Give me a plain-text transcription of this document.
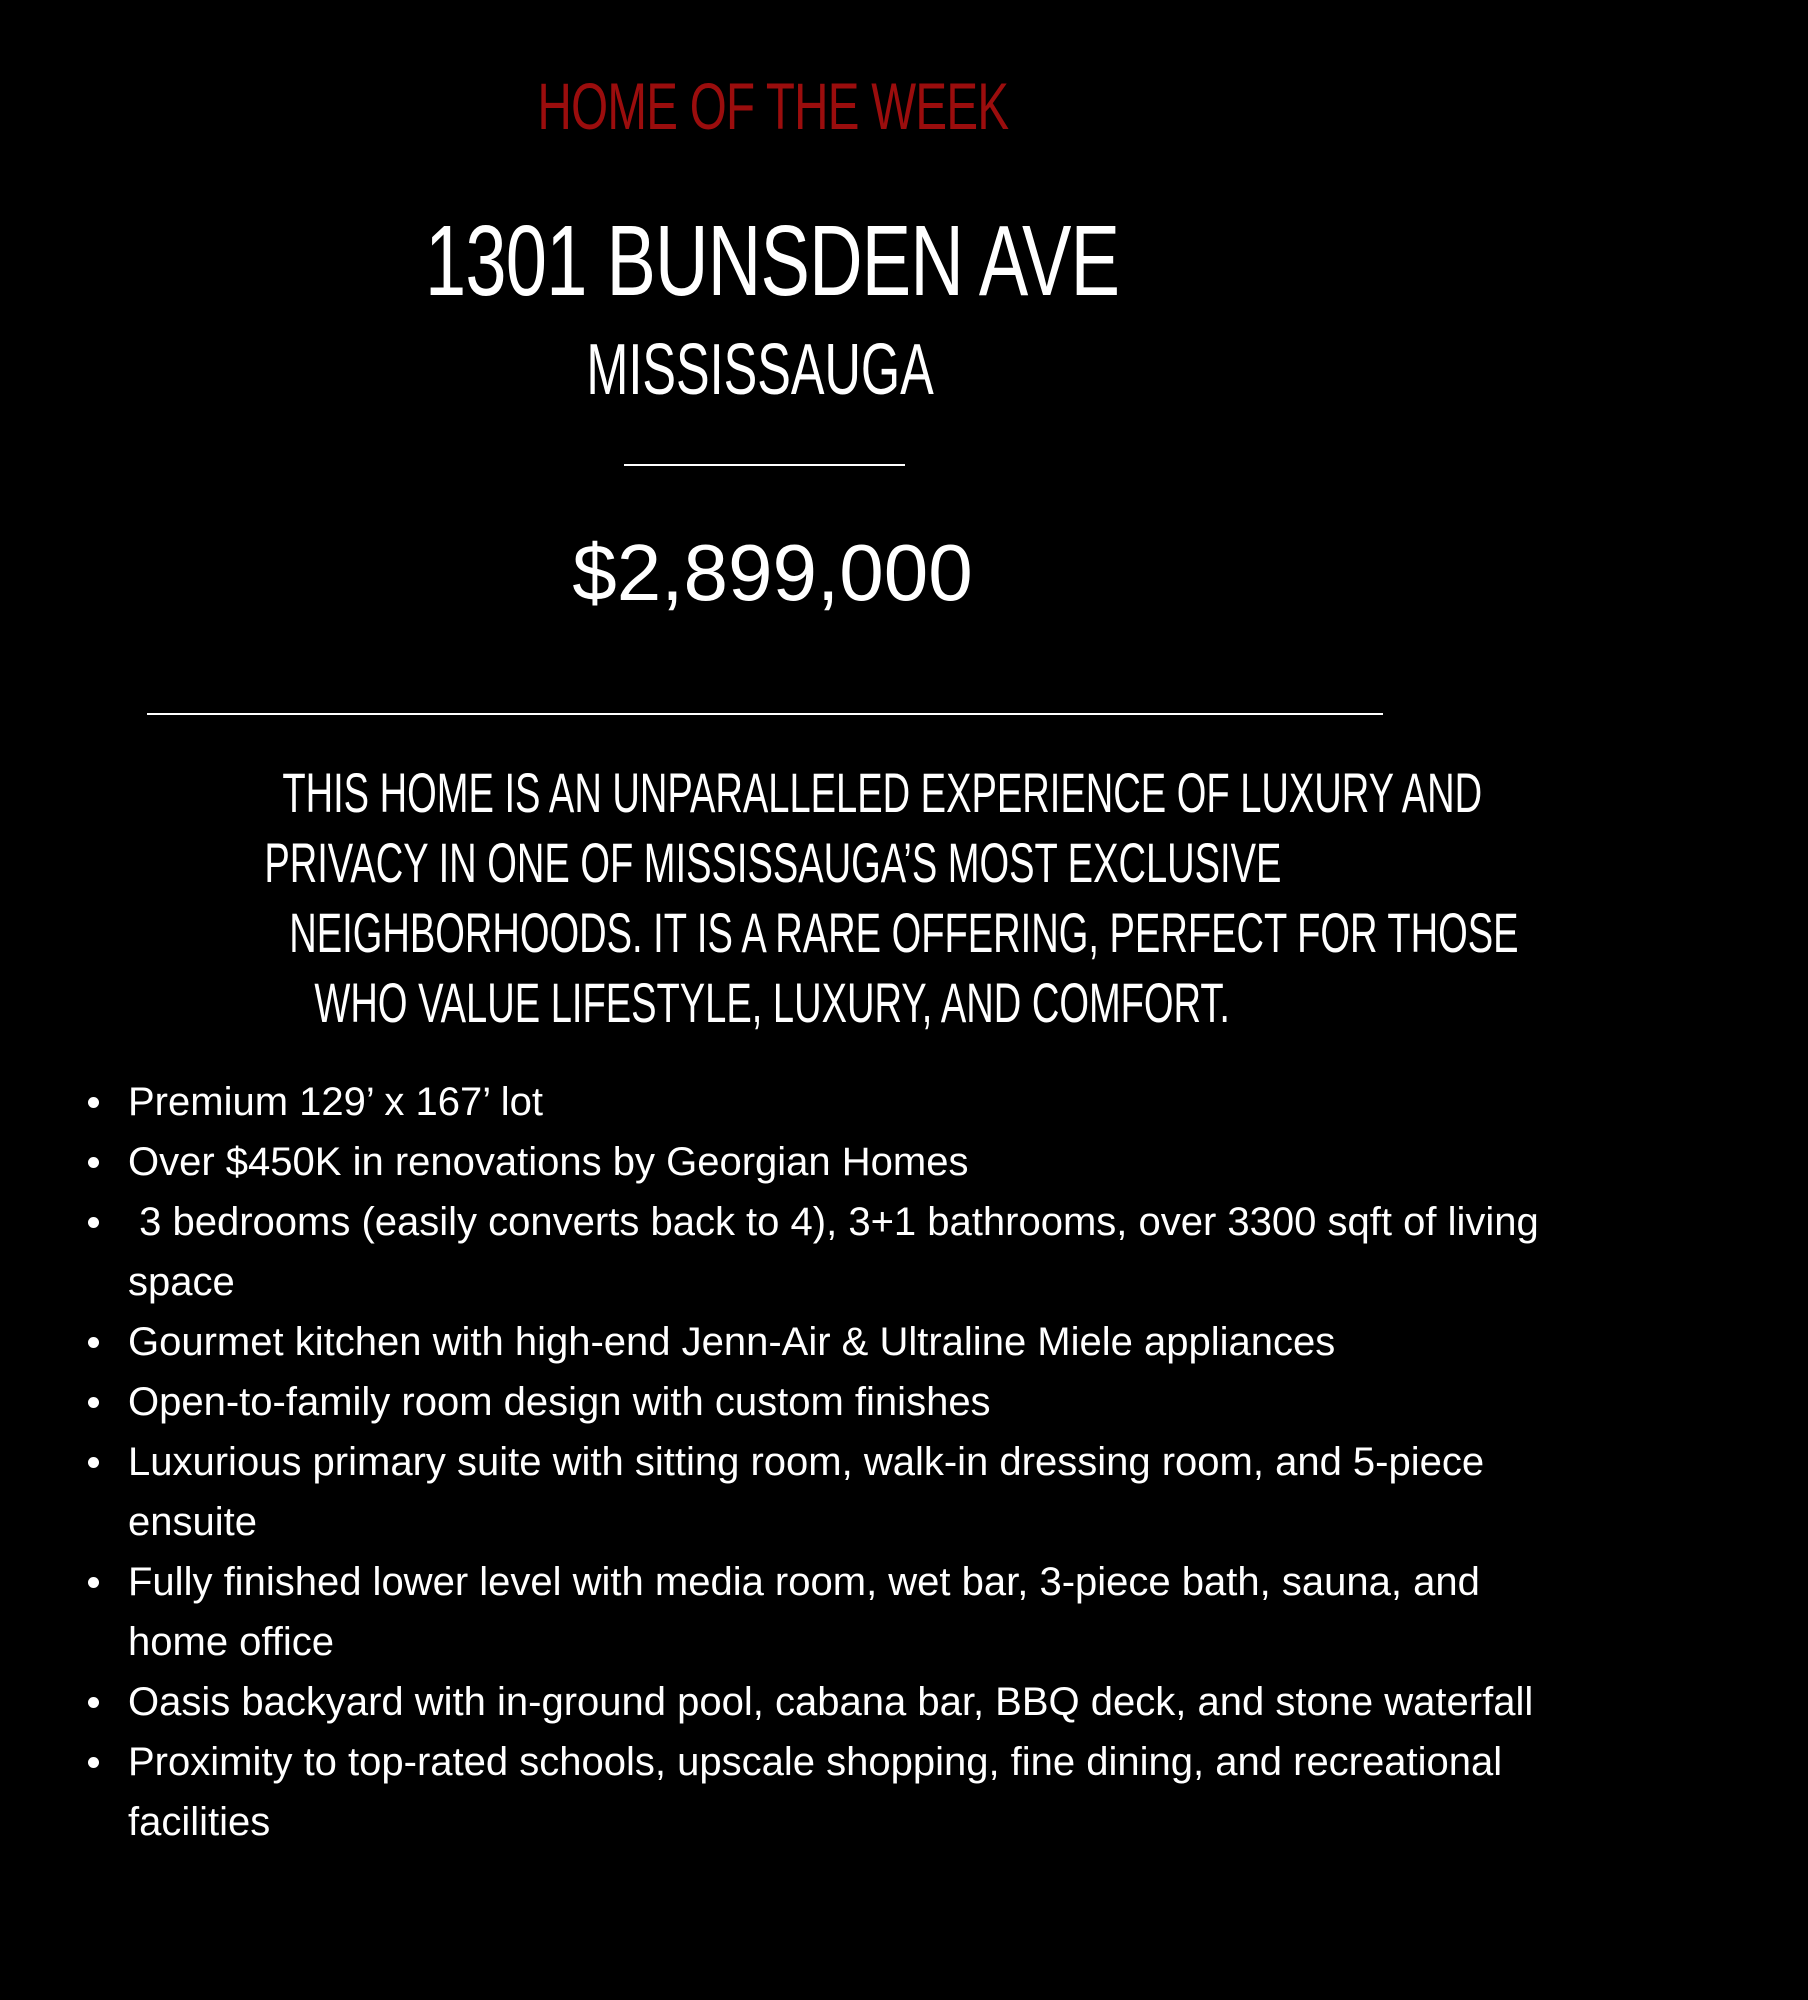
HOME OF THE WEEK
1301 BUNSDEN AVE
MISSISSAUGA
$2,899,000
THIS HOME IS AN UNPARALLELED EXPERIENCE OF LUXURY AND
PRIVACY IN ONE OF MISSISSAUGA’S MOST EXCLUSIVE
NEIGHBORHOODS. IT IS A RARE OFFERING, PERFECT FOR THOSE
WHO VALUE LIFESTYLE, LUXURY, AND COMFORT.
Premium 129’ x 167’ lot
Over $450K in renovations by Georgian Homes
3 bedrooms (easily converts back to 4), 3+1 bathrooms, over 3300 sqft of living space
Gourmet kitchen with high-end Jenn-Air & Ultraline Miele appliances
Open-to-family room design with custom finishes
Luxurious primary suite with sitting room, walk-in dressing room, and 5-piece ensuite
Fully finished lower level with media room, wet bar, 3-piece bath, sauna, and home office
Oasis backyard with in-ground pool, cabana bar, BBQ deck, and stone waterfall
Proximity to top-rated schools, upscale shopping, fine dining, and recreational facilities
